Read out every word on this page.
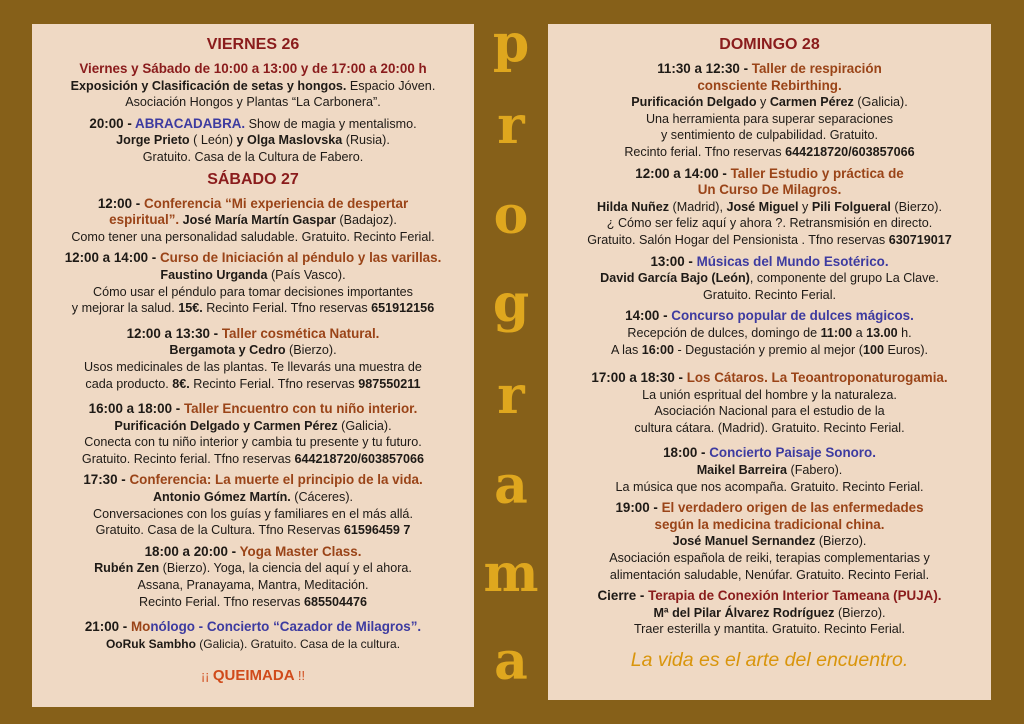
VIERNES 26
Viernes y Sábado de 10:00 a 13:00 y de 17:00 a 20:00 h
Exposición y Clasificación de setas y hongos. Espacio Jóven.
Asociación Hongos y Plantas “La Carbonera”.
20:00 - ABRACADABRA. Show de magia y mentalismo.
Jorge Prieto ( León) y Olga Maslovska (Rusia).
Gratuito. Casa de la Cultura de Fabero.
SÁBADO 27
12:00 - Conferencia “Mi experiencia de despertar
espiritual”. José María Martín Gaspar (Badajoz).
Como tener una personalidad saludable. Gratuito. Recinto Ferial.
12:00 a 14:00 - Curso de Iniciación al péndulo y las varillas.
Faustino Urganda (País Vasco).
Cómo usar el péndulo para tomar decisiones importantes
y mejorar la salud. 15€. Recinto Ferial. Tfno reservas 651912156
12:00 a 13:30 - Taller cosmética Natural.
Bergamota y Cedro (Bierzo).
Usos medicinales de las plantas. Te llevarás una muestra de
cada producto. 8€. Recinto Ferial. Tfno reservas 987550211
16:00 a 18:00 - Taller Encuentro con tu niño interior.
Purificación Delgado y Carmen Pérez (Galicia).
Conecta con tu niño interior y cambia tu presente y tu futuro.
Gratuito. Recinto ferial. Tfno reservas 644218720/603857066
17:30 - Conferencia: La muerte el principio de la vida.
Antonio Gómez Martín. (Cáceres).
Conversaciones con los guías y familiares en el más allá.
Gratuito. Casa de la Cultura. Tfno Reservas 61596459 7
18:00 a 20:00 - Yoga Master Class.
Rubén Zen (Bierzo). Yoga, la ciencia del aquí y el ahora.
Assana, Pranayama, Mantra, Meditación.
Recinto Ferial. Tfno reservas 685504476
21:00 - Monólogo - Concierto “Cazador de Milagros”.
OoRuk Sambho (Galicia). Gratuito. Casa de la cultura.
¡¡ QUEIMADA !!
p
r
o
g
r
a
m
a
DOMINGO 28
11:30 a 12:30 - Taller de respiración
consciente Rebirthing.
Purificación Delgado y Carmen Pérez (Galicia).
Una herramienta para superar separaciones
y sentimiento de culpabilidad. Gratuito.
Recinto ferial. Tfno reservas 644218720/603857066
12:00 a 14:00 - Taller Estudio y práctica de
Un Curso De Milagros.
Hilda Nuñez (Madrid), José Miguel y Pili Folgueral (Bierzo).
¿ Cómo ser feliz aquí y ahora ?. Retransmisión en directo.
Gratuito. Salón Hogar del Pensionista . Tfno reservas 630719017
13:00 - Músicas del Mundo Esotérico.
David García Bajo (León), componente del grupo La Clave.
Gratuito. Recinto Ferial.
14:00 - Concurso popular de dulces mágicos.
Recepción de dulces, domingo de 11:00 a 13.00 h.
A las 16:00 - Degustación y premio al mejor (100 Euros).
17:00 a 18:30 - Los Cátaros. La Teoantroponaturogamia.
La unión espritual del hombre y la naturaleza.
Asociación Nacional para el estudio de la
cultura cátara. (Madrid). Gratuito. Recinto Ferial.
18:00 - Concierto Paisaje Sonoro.
Maikel Barreira (Fabero).
La música que nos acompaña. Gratuito. Recinto Ferial.
19:00 - El verdadero origen de las enfermedades
según la medicina tradicional china.
José Manuel Sernandez (Bierzo).
Asociación española de reiki, terapias complementarias y
alimentación saludable, Nenúfar. Gratuito. Recinto Ferial.
Cierre - Terapia de Conexión Interior Tameana (PUJA).
Mª del Pilar Álvarez Rodríguez (Bierzo).
Traer esterilla y mantita. Gratuito. Recinto Ferial.
La vida es el arte del encuentro.
